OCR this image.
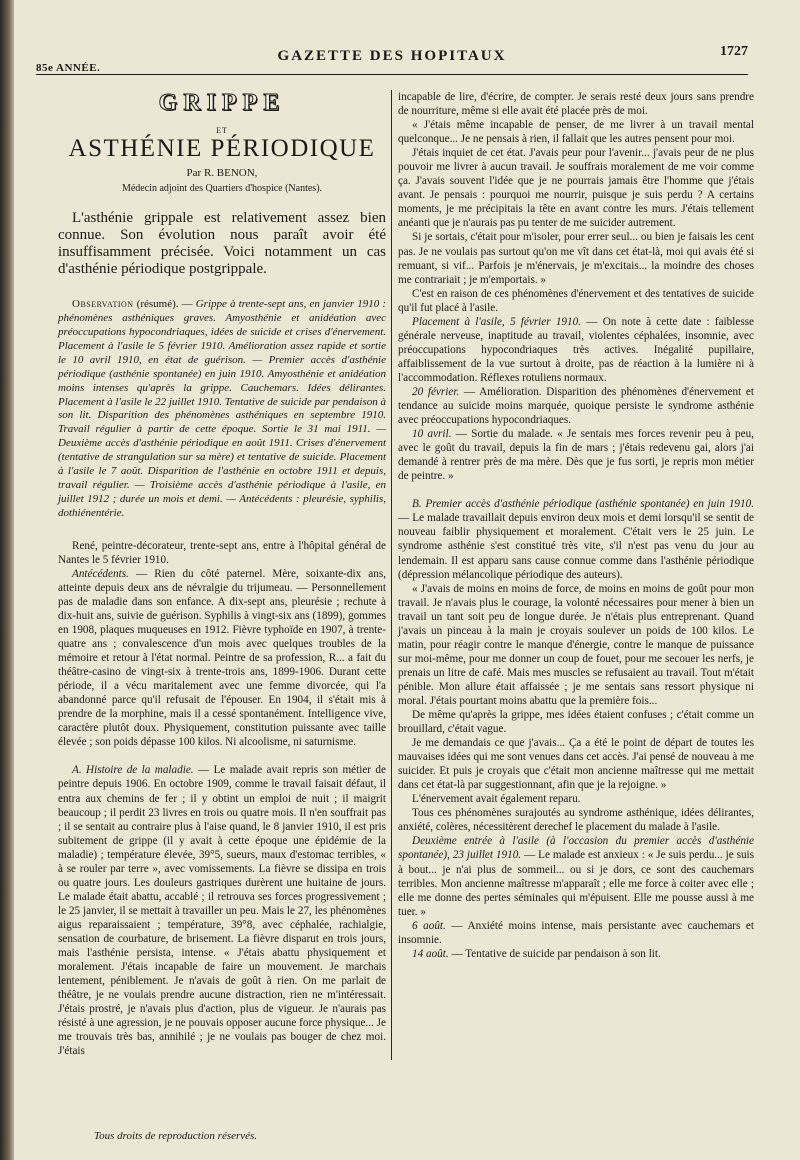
85e ANNÉE.
GAZETTE DES HOPITAUX	1727
GRIPPE
ET
ASTHÉNIE PÉRIODIQUE
Par R. BENON,
Médecin adjoint des Quartiers d'hospice (Nantes).

L'asthénie grippale est relativement assez bien connue. Son évolution nous paraît avoir été insuffisamment précisée. Voici notamment un cas d'asthénie périodique postgrippale.

Observation (résumé). — Grippe à trente-sept ans, en janvier 1910 : phénomènes asthéniques graves. Amyosthénie et anidéation avec préoccupations hypocondriaques, idées de suicide et crises d'énervement. Placement à l'asile le 5 février 1910. Amélioration assez rapide et sortie le 10 avril 1910, en état de guérison. — Premier accès d'asthénie périodique (asthénie spontanée) en juin 1910. Amyosthénie et anidéation moins intenses qu'après la grippe. Cauchemars. Idées délirantes. Placement à l'asile le 22 juillet 1910. Tentative de suicide par pendaison à son lit. Disparition des phénomènes asthéniques en septembre 1910. Travail régulier à partir de cette époque. Sortie le 31 mai 1911. — Deuxième accès d'asthénie périodique en août 1911. Crises d'énervement (tentative de strangulation sur sa mère) et tentative de suicide. Placement à l'asile le 7 août. Disparition de l'asthénie en octobre 1911 et depuis, travail régulier. — Troisième accès d'asthénie périodique à l'asile, en juillet 1912 ; durée un mois et demi. — Antécédents : pleurésie, syphilis, dothiénentérie.

René, peintre-décorateur, trente-sept ans, entre à l'hôpital général de Nantes le 5 février 1910.

Antécédents. — Rien du côté paternel. Mère, soixante-dix ans, atteinte depuis deux ans de névralgie du trijumeau. — Personnellement pas de maladie dans son enfance. A dix-sept ans, pleurésie ; rechute à dix-huit ans, suivie de guérison. Syphilis à vingt-six ans (1899), gommes en 1908, plaques muqueuses en 1912. Fièvre typhoïde en 1907, à trente-quatre ans ; convalescence d'un mois avec quelques troubles de la mémoire et retour à l'état normal. Peintre de sa profession, R... a fait du théâtre-casino de vingt-six à trente-trois ans, 1899-1906. Durant cette période, il a vécu maritalement avec une femme divorcée, qui l'a abandonné parce qu'il refusait de l'épouser. En 1904, il s'était mis à prendre de la morphine, mais il a cessé spontanément. Intelligence vive, caractère plutôt doux. Physiquement, constitution puissante avec taille élevée ; son poids dépasse 100 kilos. Ni alcoolisme, ni saturnisme.

A. Histoire de la maladie. — Le malade avait repris son métier de peintre depuis 1906. En octobre 1909, comme le travail faisait défaut, il entra aux chemins de fer ; il y obtint un emploi de nuit ; il maigrit beaucoup ; il perdit 23 livres en trois ou quatre mois. Il n'en souffrait pas ; il se sentait au contraire plus à l'aise quand, le 8 janvier 1910, il est pris subitement de grippe (il y avait à cette époque une épidémie de la maladie) ; température élevée, 39°5, sueurs, maux d'estomac terribles, « à se rouler par terre », avec vomissements. La fièvre se dissipa en trois ou quatre jours. Les douleurs gastriques durèrent une huitaine de jours. Le malade était abattu, accablé ; il retrouva ses forces progressivement ; le 25 janvier, il se mettait à travailler un peu. Mais le 27, les phénomènes aigus reparaissaient ; température, 39°8, avec céphalée, rachialgie, sensation de courbature, de brisement. La fièvre disparut en trois jours, mais l'asthénie persista, intense. « J'étais abattu physiquement et moralement. J'étais incapable de faire un mouvement. Je marchais lentement, péniblement. Je n'avais de goût à rien. On me parlait de théâtre, je ne voulais prendre aucune distraction, rien ne m'intéressait. J'étais prostré, je n'avais plus d'action, plus de vigueur. Je n'aurais pas résisté à une agression, je ne pouvais opposer aucune force physique... Je me trouvais très bas, annihilé ; je ne voulais pas bouger de chez moi. J'étais

incapable de lire, d'écrire, de compter. Je serais resté deux jours sans prendre de nourriture, même si elle avait été placée près de moi.

« J'étais même incapable de penser, de me livrer à un travail mental quelconque... Je ne pensais à rien, il fallait que les autres pensent pour moi.

J'étais inquiet de cet état. J'avais peur pour l'avenir... j'avais peur de ne plus pouvoir me livrer à aucun travail. Je souffrais moralement de me voir comme ça. J'avais souvent l'idée que je ne pourrais jamais être l'homme que j'étais avant. Je pensais : pourquoi me nourrir, puisque je suis perdu ? A certains moments, je me précipitais la tête en avant contre les murs. J'étais tellement anéanti que je n'aurais pas pu tenter de me suicider autrement.

Si je sortais, c'était pour m'isoler, pour errer seul... ou bien je faisais les cent pas. Je ne voulais pas surtout qu'on me vît dans cet état-là, moi qui avais été si remuant, si vif... Parfois je m'énervais, je m'excitais... la moindre des choses me contrariait ; je m'emportais. »

C'est en raison de ces phénomènes d'énervement et des tentatives de suicide qu'il fut placé à l'asile.

Placement à l'asile, 5 février 1910. — On note à cette date : faiblesse générale nerveuse, inaptitude au travail, violentes céphalées, insomnie, avec préoccupations hypocondriaques très actives. Inégalité pupillaire, affaiblissement de la vue surtout à droite, pas de réaction à la lumière ni à l'accommodation. Réflexes rotuliens normaux.

20 février. — Amélioration. Disparition des phénomènes d'énervement et tendance au suicide moins marquée, quoique persiste le syndrome asthénie avec préoccupations hypocondriaques.

10 avril. — Sortie du malade. « Je sentais mes forces revenir peu à peu, avec le goût du travail, depuis la fin de mars ; j'étais redevenu gai, alors j'ai demandé à rentrer près de ma mère. Dès que je fus sorti, je repris mon métier de peintre. »

B. Premier accès d'asthénie périodique (asthénie spontanée) en juin 1910. — Le malade travaillait depuis environ deux mois et demi lorsqu'il se sentit de nouveau faiblir physiquement et moralement. C'était vers le 25 juin. Le syndrome asthénie s'est constitué très vite, s'il n'est pas venu du jour au lendemain. Il est apparu sans cause connue comme dans l'asthénie périodique (dépression mélancolique périodique des auteurs).

« J'avais de moins en moins de force, de moins en moins de goût pour mon travail. Je n'avais plus le courage, la volonté nécessaires pour mener à bien un travail un tant soit peu de longue durée. Je n'étais plus entreprenant. Quand j'avais un pinceau à la main je croyais soulever un poids de 100 kilos. Le matin, pour réagir contre le manque d'énergie, contre le manque de puissance sur moi-même, pour me donner un coup de fouet, pour me secouer les nerfs, je prenais un litre de café. Mais mes muscles se refusaient au travail. Tout m'était pénible. Mon allure était affaissée ; je me sentais sans ressort physique ni moral. J'étais pourtant moins abattu que la première fois...

De même qu'après la grippe, mes idées étaient confuses ; c'était comme un brouillard, c'était vague.

Je me demandais ce que j'avais... Ça a été le point de départ de toutes les mauvaises idées qui me sont venues dans cet accès. J'ai pensé de nouveau à me suicider. Et puis je croyais que c'était mon ancienne maîtresse qui me mettait dans cet état-là par suggestionnant, afin que je la rejoigne. »

L'énervement avait également reparu.

Tous ces phénomènes surajoutés au syndrome asthénique, idées délirantes, anxiété, colères, nécessitèrent derechef le placement du malade à l'asile.

Deuxième entrée à l'asile (à l'occasion du premier accès d'asthénie spontanée), 23 juillet 1910. — Le malade est anxieux : « Je suis perdu... je suis à bout... je n'ai plus de sommeil... ou si je dors, ce sont des cauchemars terribles. Mon ancienne maîtresse m'apparaît ; elle me force à coiter avec elle ; elle me donne des pertes séminales qui m'épuisent. Elle me pousse aussi à me tuer. »

6 août. — Anxiété moins intense, mais persistante avec cauchemars et insomnie.

14 août. — Tentative de suicide par pendaison à son lit.

Tous droits de reproduction réservés.
